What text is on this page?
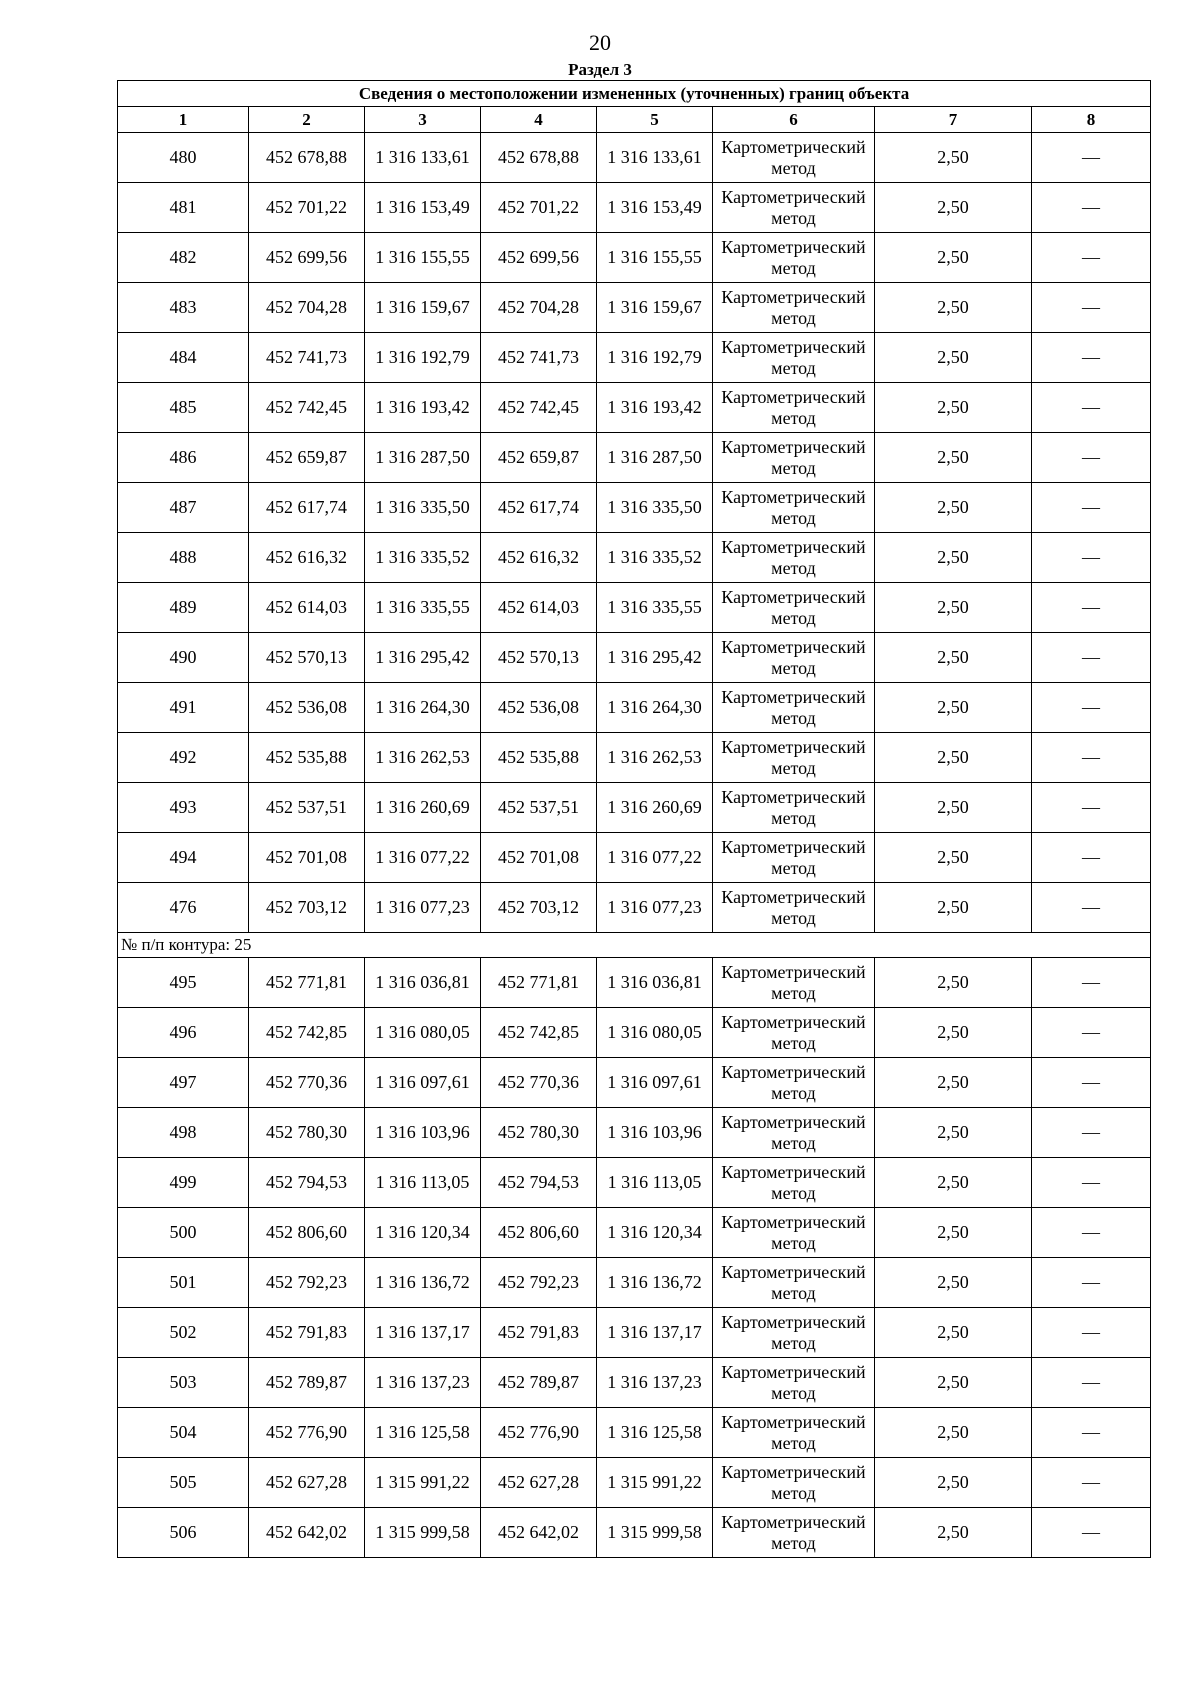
20
Раздел 3
Сведения о местоположении измененных (уточненных) границ объекта							
1	2	3	4	5	6	7	8
480	452 678,88	1 316 133,61	452 678,88	1 316 133,61	Картометрический метод	2,50	—
481	452 701,22	1 316 153,49	452 701,22	1 316 153,49	Картометрический метод	2,50	—
482	452 699,56	1 316 155,55	452 699,56	1 316 155,55	Картометрический метод	2,50	—
483	452 704,28	1 316 159,67	452 704,28	1 316 159,67	Картометрический метод	2,50	—
484	452 741,73	1 316 192,79	452 741,73	1 316 192,79	Картометрический метод	2,50	—
485	452 742,45	1 316 193,42	452 742,45	1 316 193,42	Картометрический метод	2,50	—
486	452 659,87	1 316 287,50	452 659,87	1 316 287,50	Картометрический метод	2,50	—
487	452 617,74	1 316 335,50	452 617,74	1 316 335,50	Картометрический метод	2,50	—
488	452 616,32	1 316 335,52	452 616,32	1 316 335,52	Картометрический метод	2,50	—
489	452 614,03	1 316 335,55	452 614,03	1 316 335,55	Картометрический метод	2,50	—
490	452 570,13	1 316 295,42	452 570,13	1 316 295,42	Картометрический метод	2,50	—
491	452 536,08	1 316 264,30	452 536,08	1 316 264,30	Картометрический метод	2,50	—
492	452 535,88	1 316 262,53	452 535,88	1 316 262,53	Картометрический метод	2,50	—
493	452 537,51	1 316 260,69	452 537,51	1 316 260,69	Картометрический метод	2,50	—
494	452 701,08	1 316 077,22	452 701,08	1 316 077,22	Картометрический метод	2,50	—
476	452 703,12	1 316 077,23	452 703,12	1 316 077,23	Картометрический метод	2,50	—
№ п/п контура: 25							
495	452 771,81	1 316 036,81	452 771,81	1 316 036,81	Картометрический метод	2,50	—
496	452 742,85	1 316 080,05	452 742,85	1 316 080,05	Картометрический метод	2,50	—
497	452 770,36	1 316 097,61	452 770,36	1 316 097,61	Картометрический метод	2,50	—
498	452 780,30	1 316 103,96	452 780,30	1 316 103,96	Картометрический метод	2,50	—
499	452 794,53	1 316 113,05	452 794,53	1 316 113,05	Картометрический метод	2,50	—
500	452 806,60	1 316 120,34	452 806,60	1 316 120,34	Картометрический метод	2,50	—
501	452 792,23	1 316 136,72	452 792,23	1 316 136,72	Картометрический метод	2,50	—
502	452 791,83	1 316 137,17	452 791,83	1 316 137,17	Картометрический метод	2,50	—
503	452 789,87	1 316 137,23	452 789,87	1 316 137,23	Картометрический метод	2,50	—
504	452 776,90	1 316 125,58	452 776,90	1 316 125,58	Картометрический метод	2,50	—
505	452 627,28	1 315 991,22	452 627,28	1 315 991,22	Картометрический метод	2,50	—
506	452 642,02	1 315 999,58	452 642,02	1 315 999,58	Картометрический метод	2,50	—
